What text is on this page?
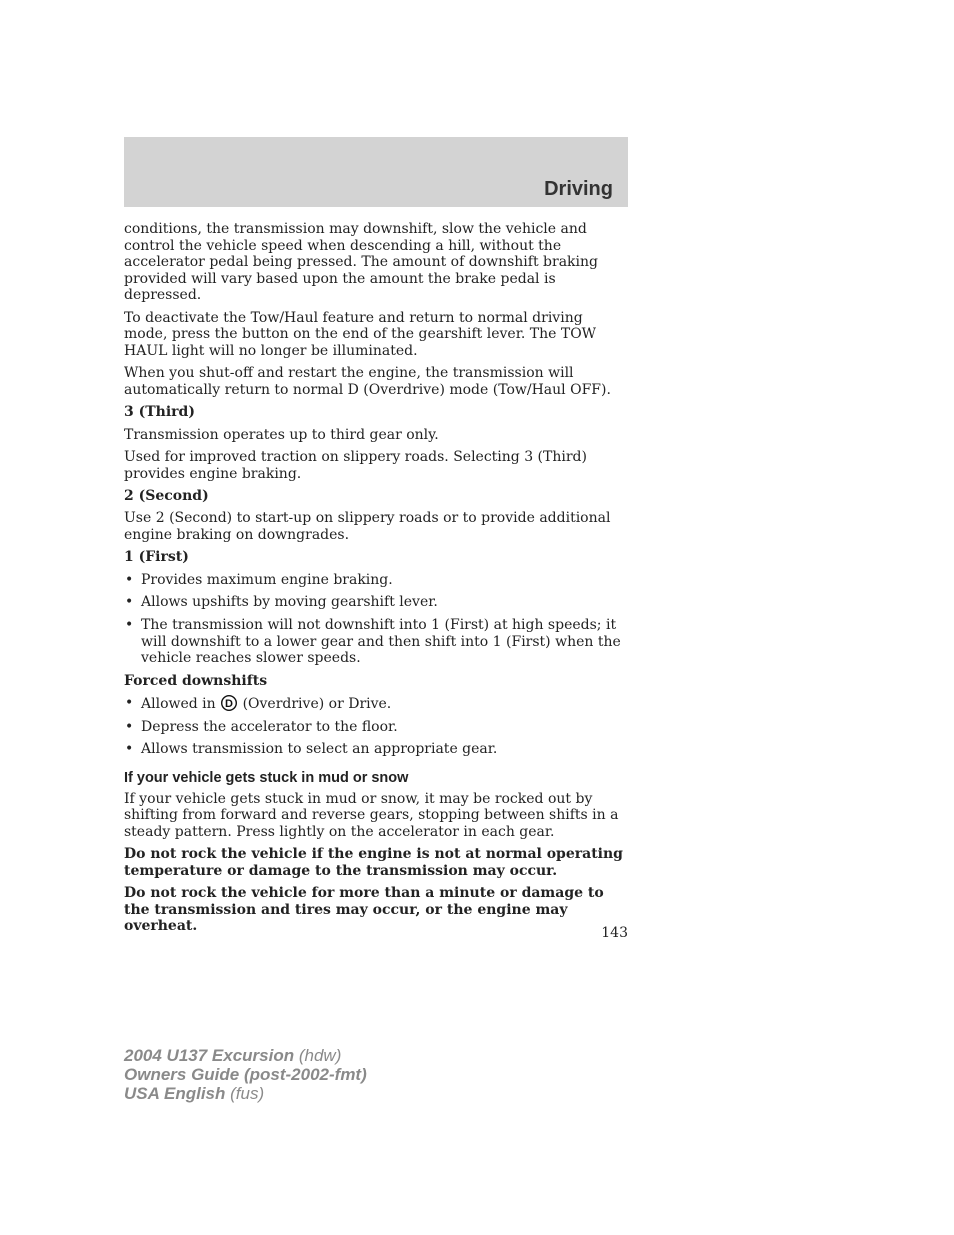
Driving

conditions, the transmission may downshift, slow the vehicle and control the vehicle speed when descending a hill, without the accelerator pedal being pressed. The amount of downshift braking provided will vary based upon the amount the brake pedal is depressed.

To deactivate the Tow/Haul feature and return to normal driving mode, press the button on the end of the gearshift lever. The TOW HAUL light will no longer be illuminated.

When you shut-off and restart the engine, the transmission will automatically return to normal D (Overdrive) mode (Tow/Haul OFF).

3 (Third)

Transmission operates up to third gear only.

Used for improved traction on slippery roads. Selecting 3 (Third) provides engine braking.

2 (Second)

Use 2 (Second) to start-up on slippery roads or to provide additional engine braking on downgrades.

1 (First)

• Provides maximum engine braking.
• Allows upshifts by moving gearshift lever.
• The transmission will not downshift into 1 (First) at high speeds; it will downshift to a lower gear and then shift into 1 (First) when the vehicle reaches slower speeds.

Forced downshifts

• Allowed in D (Overdrive) or Drive.
• Depress the accelerator to the floor.
• Allows transmission to select an appropriate gear.
If your vehicle gets stuck in mud or snow

If your vehicle gets stuck in mud or snow, it may be rocked out by shifting from forward and reverse gears, stopping between shifts in a steady pattern. Press lightly on the accelerator in each gear.

Do not rock the vehicle if the engine is not at normal operating temperature or damage to the transmission may occur.

Do not rock the vehicle for more than a minute or damage to the transmission and tires may occur, or the engine may overheat.	143
2004 U137 Excursion (hdw)
Owners Guide (post-2002-fmt)
USA English (fus)
